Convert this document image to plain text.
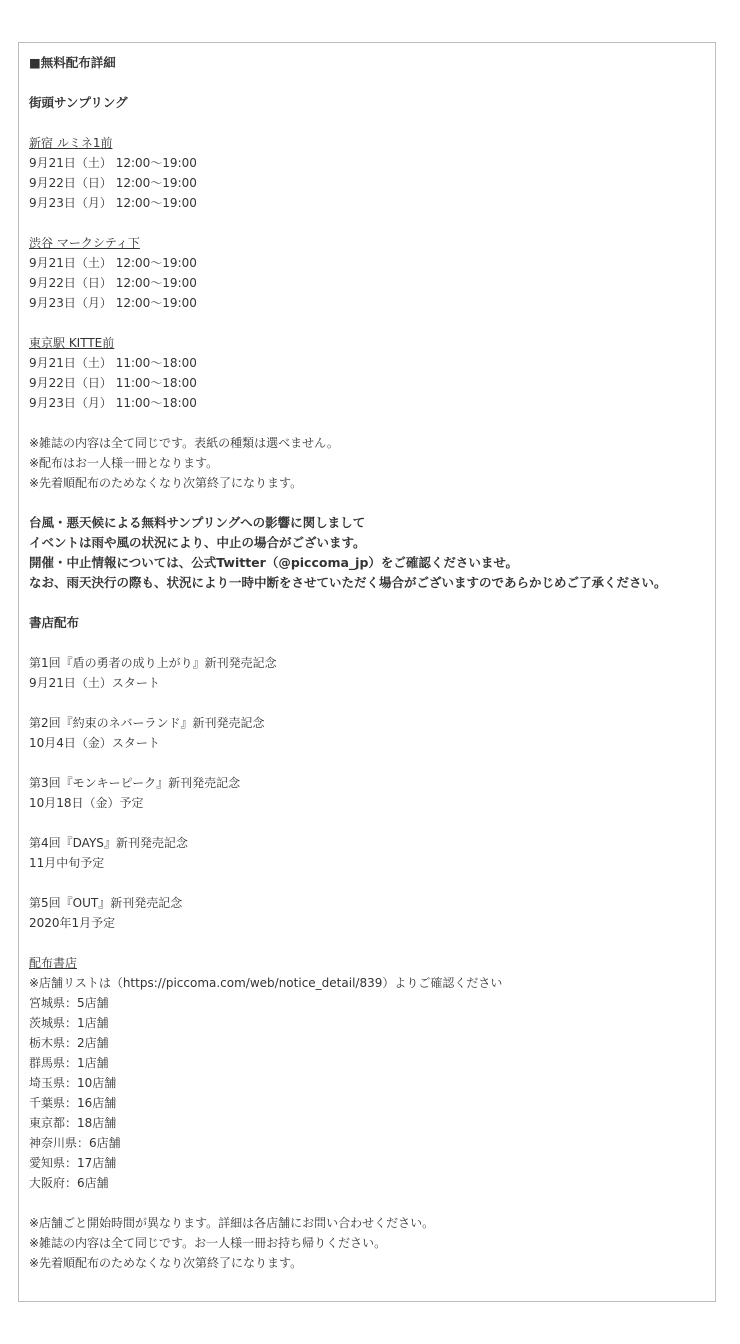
■無料配布詳細
街頭サンプリング
新宿 ルミネ1前
9月21日（土） 12:00～19:00
9月22日（日） 12:00～19:00
9月23日（月） 12:00～19:00
渋谷 マークシティ下
9月21日（土） 12:00～19:00
9月22日（日） 12:00～19:00
9月23日（月） 12:00～19:00
東京駅 KITTE前
9月21日（土） 11:00～18:00
9月22日（日） 11:00～18:00
9月23日（月） 11:00～18:00
※雑誌の内容は全て同じです。表紙の種類は選べません。
※配布はお一人様一冊となります。
※先着順配布のためなくなり次第終了になります。
台風・悪天候による無料サンプリングへの影響に関しまして
イベントは雨や風の状況により、中止の場合がございます。
開催・中止情報については、公式Twitter（@piccoma_jp）をご確認くださいませ。
なお、雨天決行の際も、状況により一時中断をさせていただく場合がございますのであらかじめご了承ください。
書店配布
第1回『盾の勇者の成り上がり』新刊発売記念
9月21日（土）スタート
第2回『約束のネバーランド』新刊発売記念
10月4日（金）スタート
第3回『モンキーピーク』新刊発売記念
10月18日（金）予定
第4回『DAYS』新刊発売記念
11月中旬予定
第5回『OUT』新刊発売記念
2020年1月予定
配布書店
※店舗リストは（https://piccoma.com/web/notice_detail/839）よりご確認ください
宮城県：5店舗
茨城県：1店舗
栃木県：2店舗
群馬県：1店舗
埼玉県：10店舗
千葉県：16店舗
東京都：18店舗
神奈川県：6店舗
愛知県：17店舗
大阪府：6店舗
※店舗ごと開始時間が異なります。詳細は各店舗にお問い合わせください。
※雑誌の内容は全て同じです。お一人様一冊お持ち帰りください。
※先着順配布のためなくなり次第終了になります。
